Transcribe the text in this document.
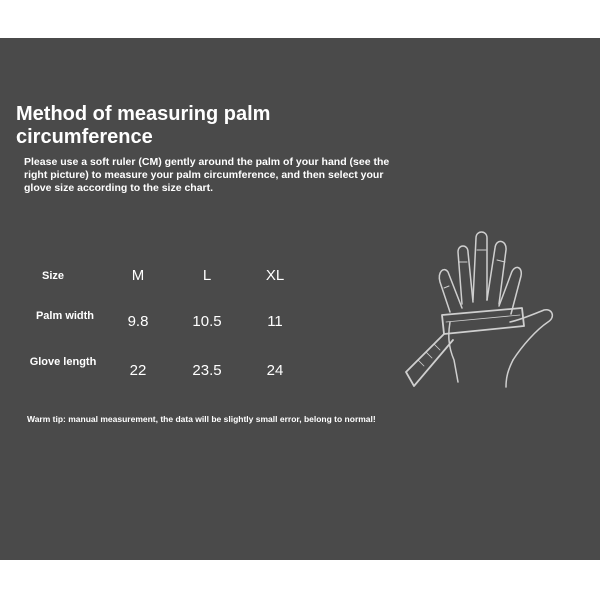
Method of measuring palm circumference

Please use a soft ruler (CM) gently around the palm of your hand (see the right picture) to measure your palm circumference, and then select your glove size according to the size chart.

Size	M	L	XL
Palm width	9.8	10.5	11
Glove length	22	23.5	24

Warm tip: manual measurement, the data will be slightly small error, belong to normal!
